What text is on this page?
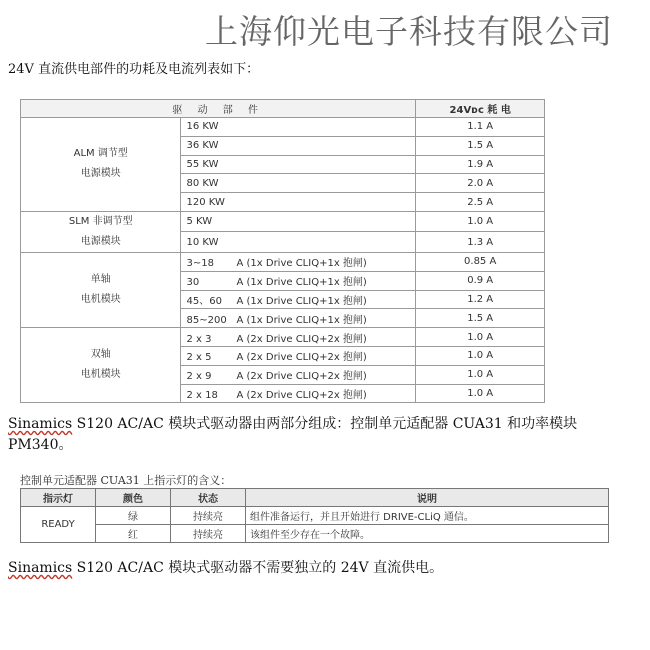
上海仰光电子科技有限公司
24V 直流供电部件的功耗及电流列表如下：
驱 动 部 件		24Vᴅᴄ 耗 电
ALM 调节型
电源模块	16 KW	1.1 A
	36 KW	1.5 A
	55 KW	1.9 A
	80 KW	2.0 A
	120 KW	2.5 A
SLM 非调节型
电源模块	5 KW	1.0 A
	10 KW	1.3 A
单轴
电机模块	3~18 A (1x Drive CLIQ+1x 抱闸)	0.85 A
	30 A (1x Drive CLIQ+1x 抱闸)	0.9 A
	45、60 A (1x Drive CLIQ+1x 抱闸)	1.2 A
	85~200 A (1x Drive CLIQ+1x 抱闸)	1.5 A
双轴
电机模块	2 x 3 A (2x Drive CLIQ+2x 抱闸)	1.0 A
	2 x 5 A (2x Drive CLIQ+2x 抱闸)	1.0 A
	2 x 9 A (2x Drive CLIQ+2x 抱闸)	1.0 A
	2 x 18 A (2x Drive CLIQ+2x 抱闸)	1.0 A
Sinamics S120 AC/AC 模块式驱动器由两部分组成：控制单元适配器 CUA31 和功率模块
PM340。
控制单元适配器 CUA31 上指示灯的含义：
指示灯	颜色	状态	说明
READY	绿	持续亮	组件准备运行，并且开始进行 DRIVE-CLiQ 通信。
	红	持续亮	该组件至少存在一个故障。
Sinamics S120 AC/AC 模块式驱动器不需要独立的 24V 直流供电。
